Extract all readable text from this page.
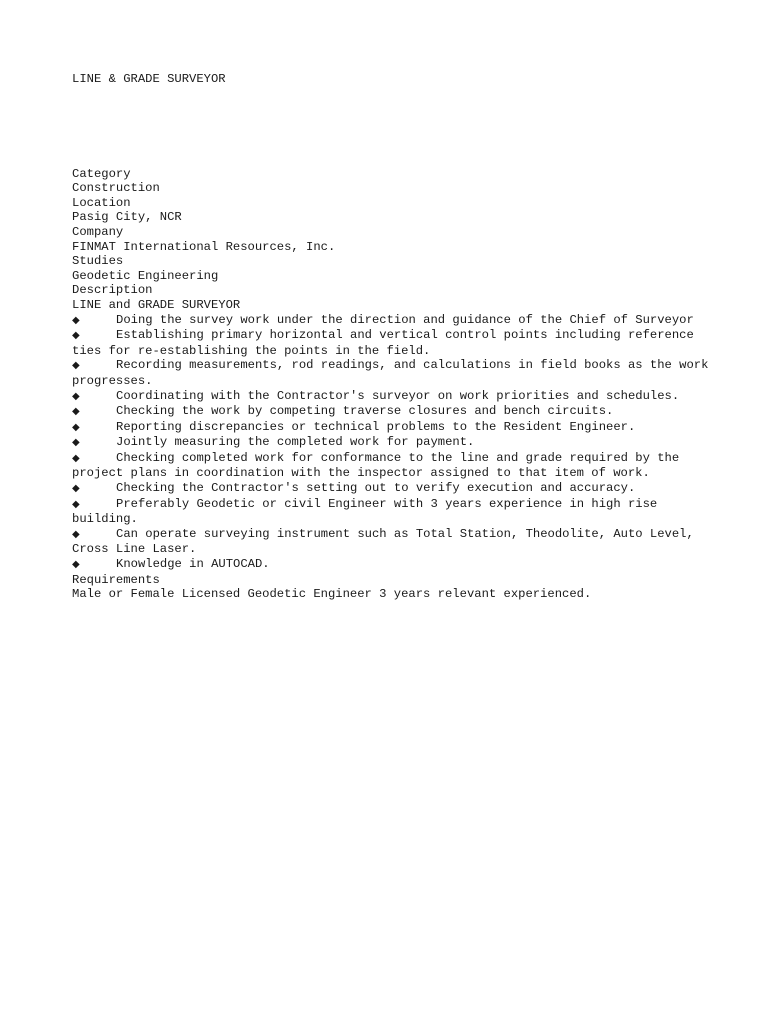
LINE & GRADE SURVEYOR
Category
Construction
Location
Pasig City, NCR
Company
FINMAT International Resources, Inc.
Studies
Geodetic Engineering
Description
LINE and GRADE SURVEYOR
◆	Doing the survey work under the direction and guidance of the Chief of Surveyor
◆	Establishing primary horizontal and vertical control points including reference ties for re-establishing the points in the field.
◆	Recording measurements, rod readings, and calculations in field books as the work progresses.
◆	Coordinating with the Contractor's surveyor on work priorities and schedules.
◆	Checking the work by competing traverse closures and bench circuits.
◆	Reporting discrepancies or technical problems to the Resident Engineer.
◆	Jointly measuring the completed work for payment.
◆	Checking completed work for conformance to the line and grade required by the project plans in coordination with the inspector assigned to that item of work.
◆	Checking the Contractor's setting out to verify execution and accuracy.
◆	Preferably Geodetic or civil Engineer with 3 years experience in high rise building.
◆	Can operate surveying instrument such as Total Station, Theodolite, Auto Level, Cross Line Laser.
◆	Knowledge in AUTOCAD.
Requirements
Male or Female Licensed Geodetic Engineer 3 years relevant experienced.
